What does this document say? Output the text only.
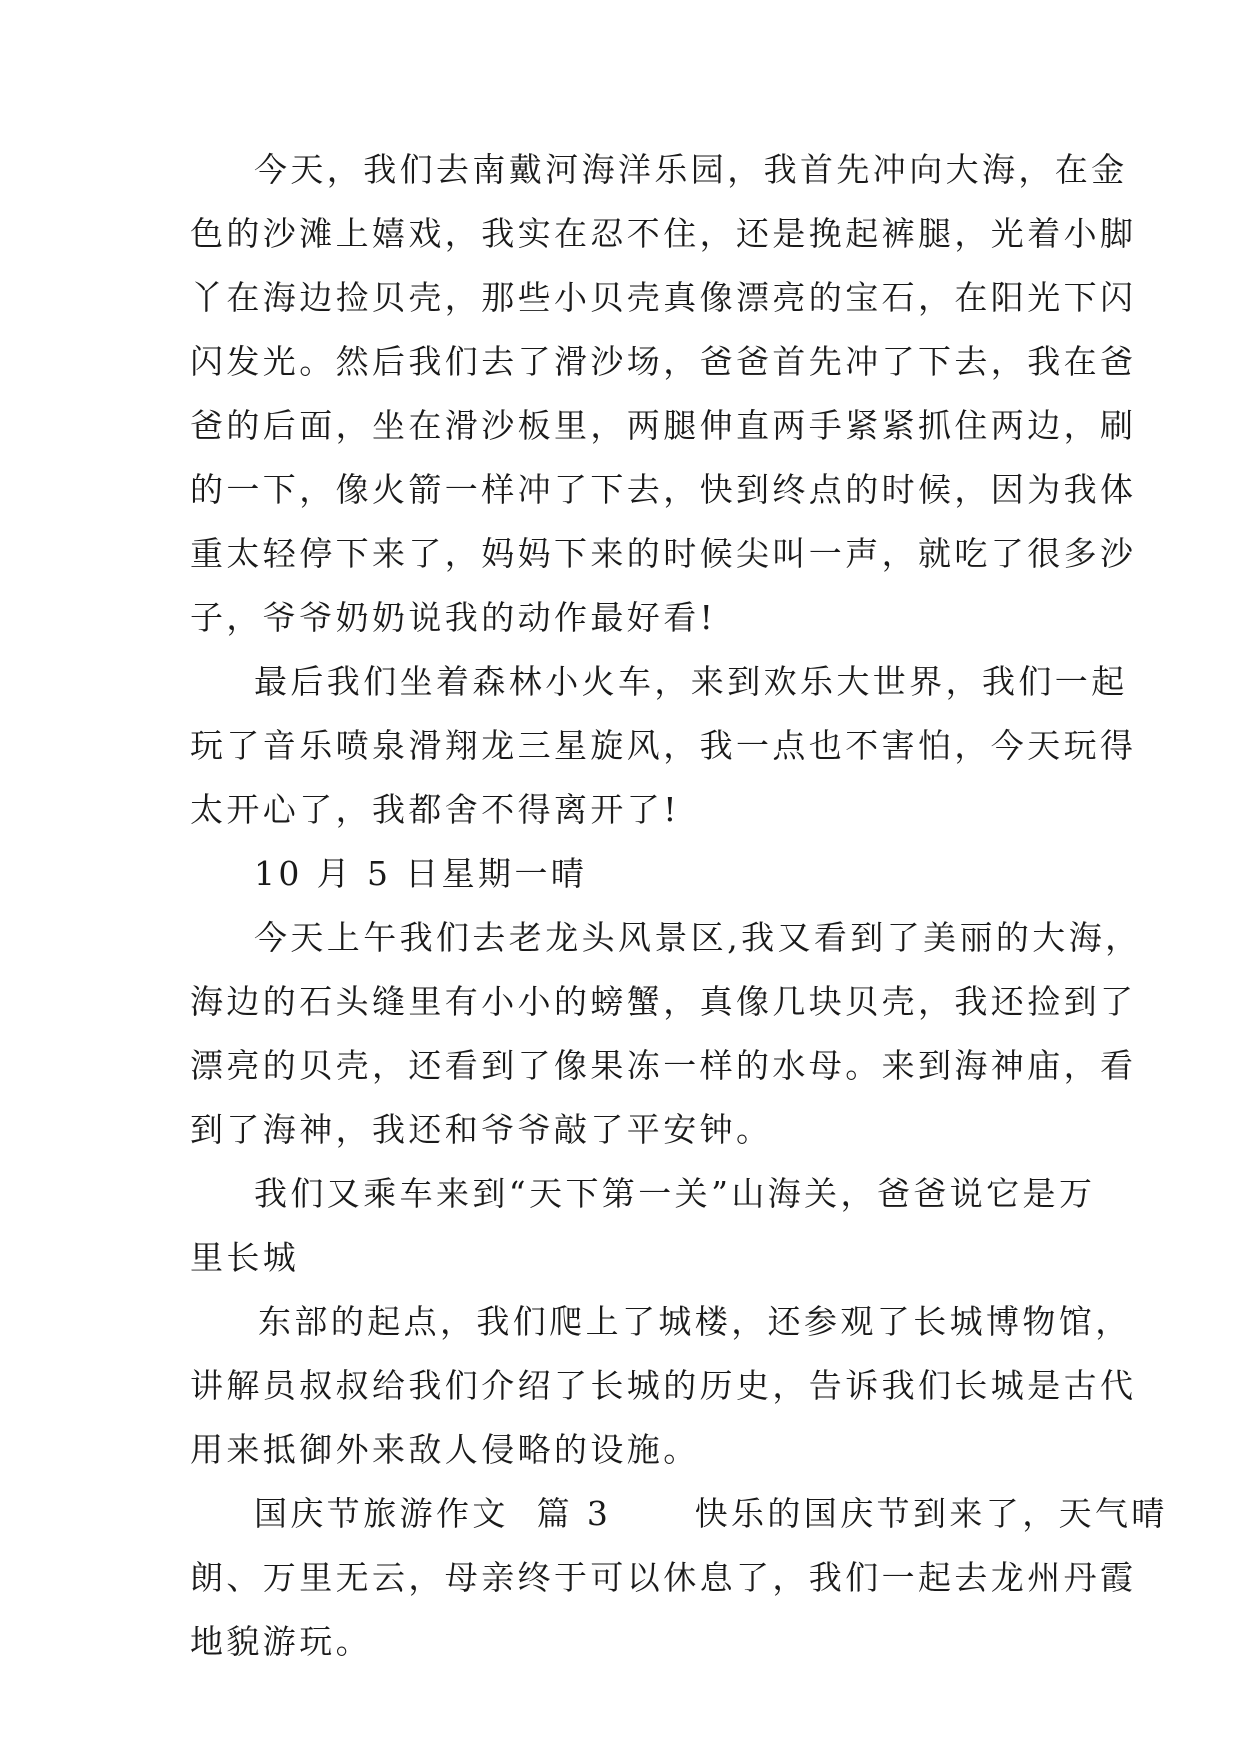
今天，我们去南戴河海洋乐园，我首先冲向大海，在金
色的沙滩上嬉戏，我实在忍不住，还是挽起裤腿，光着小脚
丫在海边捡贝壳，那些小贝壳真像漂亮的宝石，在阳光下闪
闪发光。然后我们去了滑沙场，爸爸首先冲了下去，我在爸
爸的后面，坐在滑沙板里，两腿伸直两手紧紧抓住两边，刷
的一下，像火箭一样冲了下去，快到终点的时候，因为我体
重太轻停下来了，妈妈下来的时候尖叫一声，就吃了很多沙
子，爷爷奶奶说我的动作最好看!
最后我们坐着森林小火车，来到欢乐大世界，我们一起
玩了音乐喷泉滑翔龙三星旋风，我一点也不害怕，今天玩得
太开心了，我都舍不得离开了!
10 月 5 日星期一晴
今天上午我们去老龙头风景区,我又看到了美丽的大海，
海边的石头缝里有小小的螃蟹，真像几块贝壳，我还捡到了
漂亮的贝壳，还看到了像果冻一样的水母。来到海神庙，看
到了海神，我还和爷爷敲了平安钟。
我们又乘车来到“天下第一关”山海关，爸爸说它是万
里长城
东部的起点，我们爬上了城楼，还参观了长城博物馆，
讲解员叔叔给我们介绍了长城的历史，告诉我们长城是古代
用来抵御外来敌人侵略的设施。
国庆节旅游作文  篇 3      快乐的国庆节到来了，天气晴
朗、万里无云，母亲终于可以休息了，我们一起去龙州丹霞
地貌游玩。
